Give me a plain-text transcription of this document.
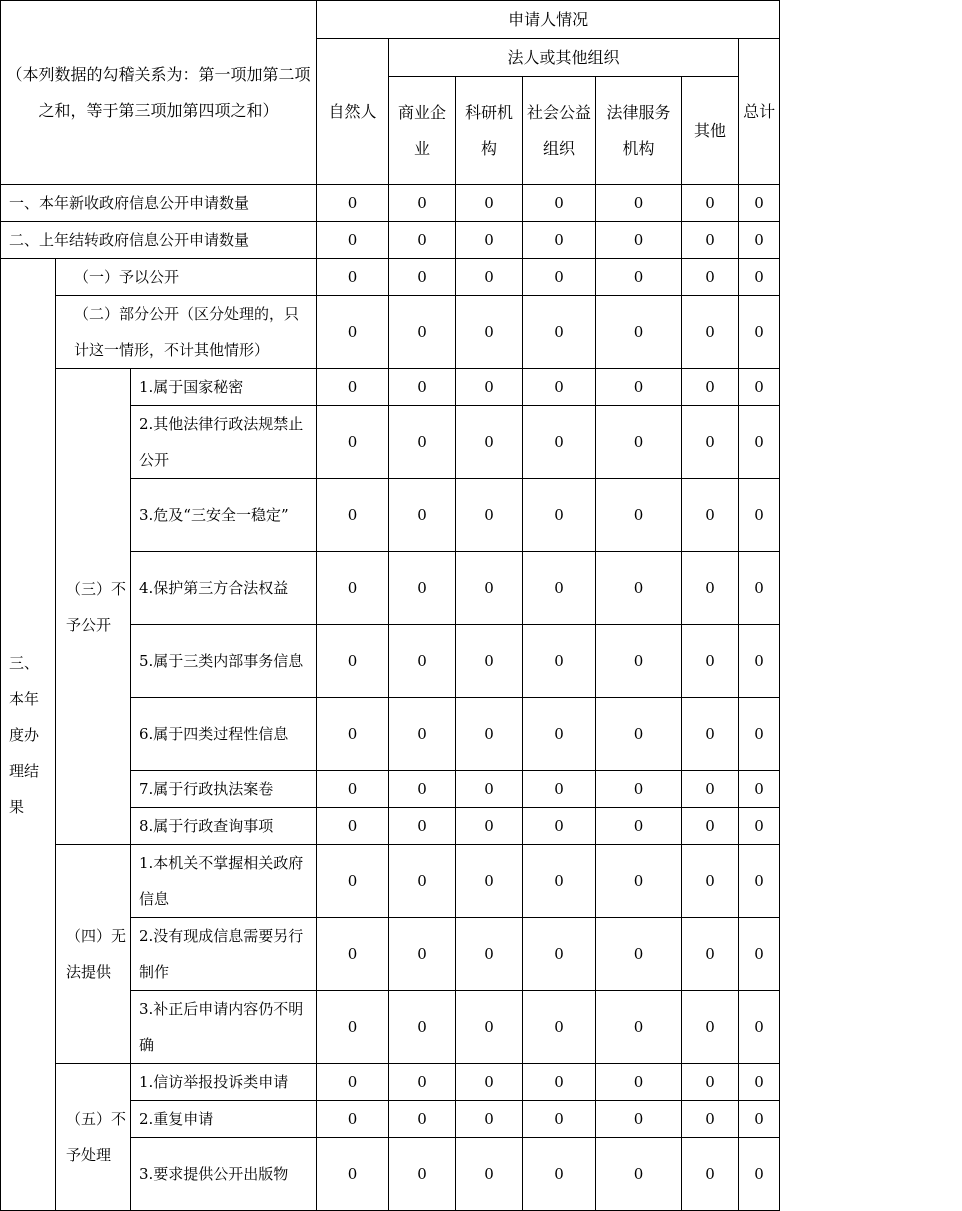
（本列数据的勾稽关系为：第一项加第二项之和，等于第三项加第四项之和）			申请人情况						
			自然人	法人或其他组织					总计
				商业企业	科研机构	社会公益组织	法律服务机构	其他	
一、本年新收政府信息公开申请数量			0	0	0	0	0	0	0
二、上年结转政府信息公开申请数量			0	0	0	0	0	0	0
三、本年度办理结果	（一）予以公开		0	0	0	0	0	0	0
	（二）部分公开（区分处理的，只计这一情形，不计其他情形）		0	0	0	0	0	0	0
	（三）不予公开	1.属于国家秘密	0	0	0	0	0	0	0
		2.其他法律行政法规禁止公开	0	0	0	0	0	0	0
		3.危及“三安全一稳定”	0	0	0	0	0	0	0
		4.保护第三方合法权益	0	0	0	0	0	0	0
		5.属于三类内部事务信息	0	0	0	0	0	0	0
		6.属于四类过程性信息	0	0	0	0	0	0	0
		7.属于行政执法案卷	0	0	0	0	0	0	0
		8.属于行政查询事项	0	0	0	0	0	0	0
	（四）无法提供	1.本机关不掌握相关政府信息	0	0	0	0	0	0	0
		2.没有现成信息需要另行制作	0	0	0	0	0	0	0
		3.补正后申请内容仍不明确	0	0	0	0	0	0	0
	（五）不予处理	1.信访举报投诉类申请	0	0	0	0	0	0	0
		2.重复申请	0	0	0	0	0	0	0
		3.要求提供公开出版物	0	0	0	0	0	0	0
